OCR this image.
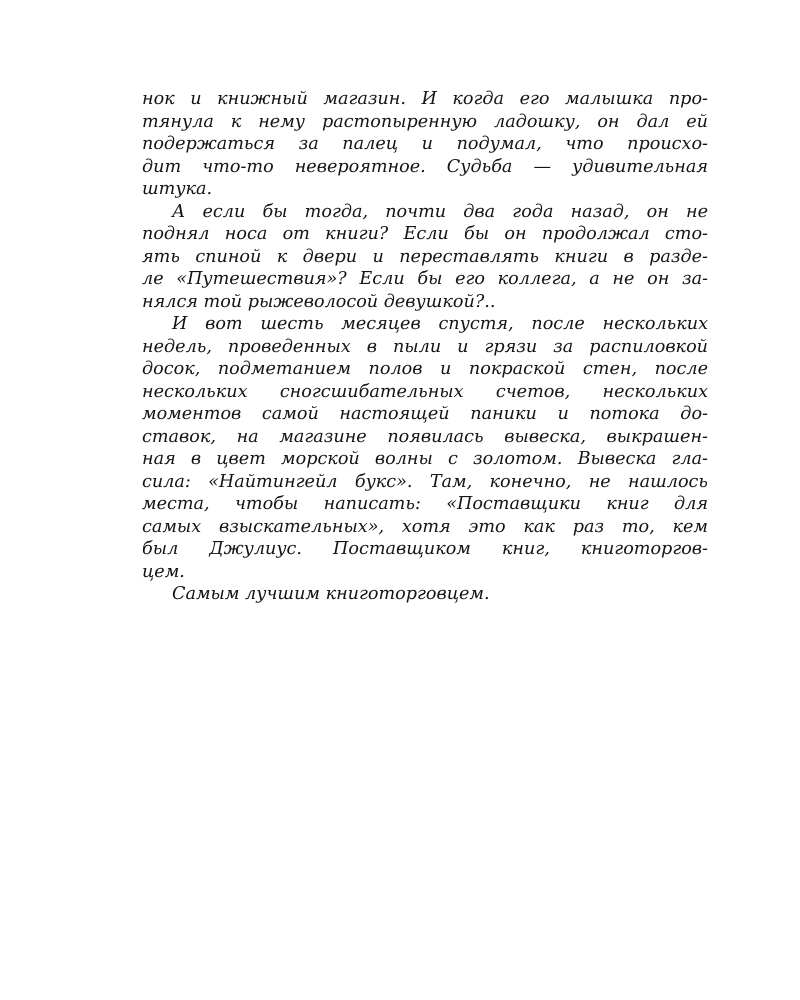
нок и книжный магазин. И когда его малышка про-
тянула к нему растопыренную ладошку, он дал ей
подержаться за палец и подумал, что происхо-
дит что-то невероятное. Судьба — удивительная
штука.
А если бы тогда, почти два года назад, он не
поднял носа от книги? Если бы он продолжал сто-
ять спиной к двери и переставлять книги в разде-
ле «Путешествия»? Если бы его коллега, а не он за-
нялся той рыжеволосой девушкой?..
И вот шесть месяцев спустя, после нескольких
недель, проведенных в пыли и грязи за распиловкой
досок, подметанием полов и покраской стен, после
нескольких сногсшибательных счетов, нескольких
моментов самой настоящей паники и потока до-
ставок, на магазине появилась вывеска, выкрашен-
ная в цвет морской волны с золотом. Вывеска гла-
сила: «Найтингейл букс». Там, конечно, не нашлось
места, чтобы написать: «Поставщики книг для
самых взыскательных», хотя это как раз то, кем
был Джулиус. Поставщиком книг, книготоргов-
цем.
Самым лучшим книготорговцем.
